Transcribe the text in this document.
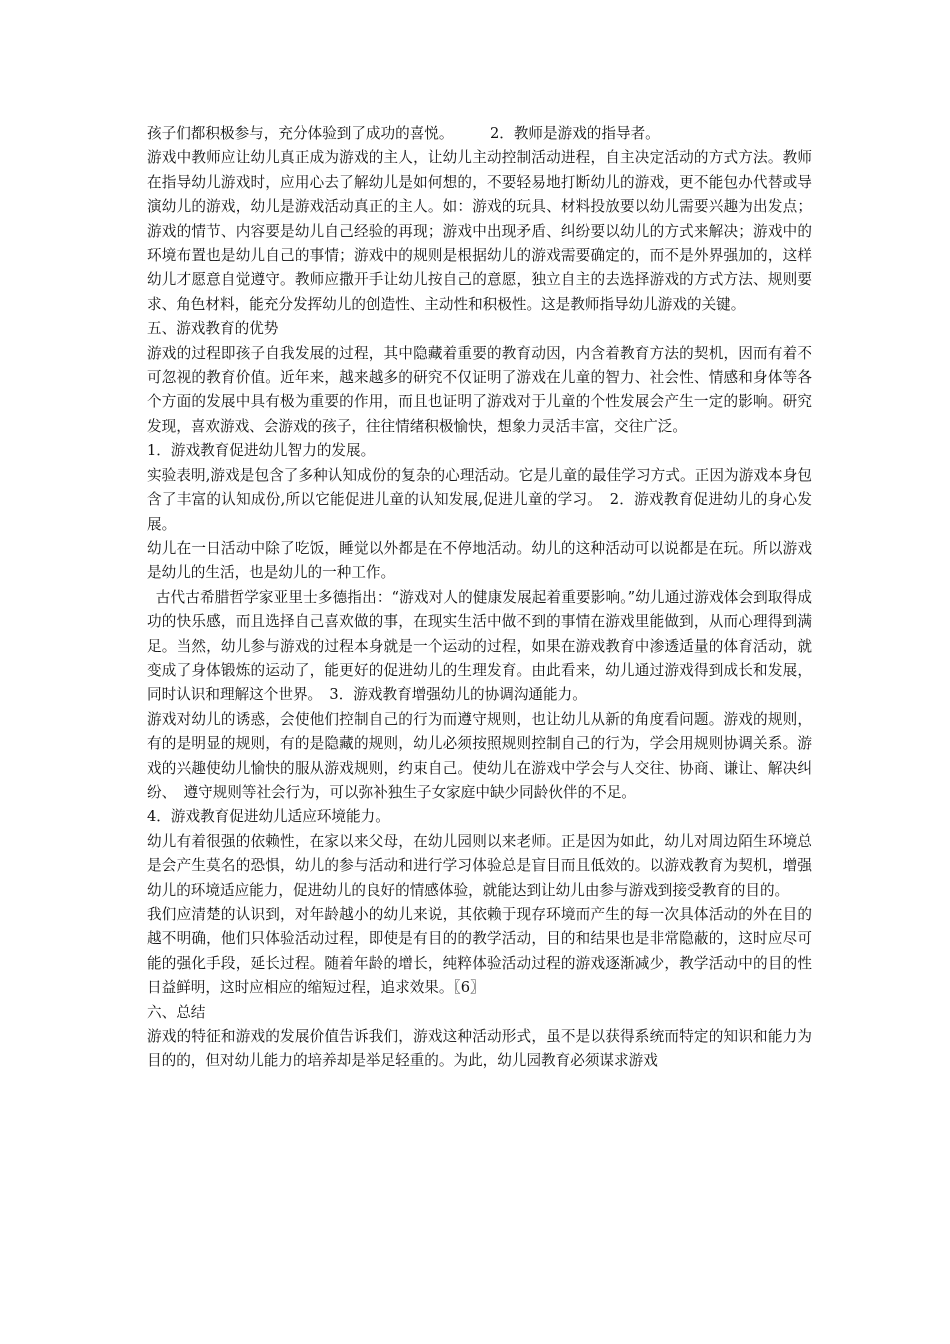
孩子们都积极参与，充分体验到了成功的喜悦。　　　2．教师是游戏的指导者。

游戏中教师应让幼儿真正成为游戏的主人，让幼儿主动控制活动进程，自主决定活动的方式方法。教师在指导幼儿游戏时，应用心去了解幼儿是如何想的，不要轻易地打断幼儿的游戏，更不能包办代替或导演幼儿的游戏，幼儿是游戏活动真正的主人。如：游戏的玩具、材料投放要以幼儿需要兴趣为出发点；游戏的情节、内容要是幼儿自己经验的再现；游戏中出现矛盾、纠纷要以幼儿的方式来解决；游戏中的环境布置也是幼儿自己的事情；游戏中的规则是根据幼儿的游戏需要确定的，而不是外界强加的，这样幼儿才愿意自觉遵守。教师应撒开手让幼儿按自己的意愿，独立自主的去选择游戏的方式方法、规则要求、角色材料，能充分发挥幼儿的创造性、主动性和积极性。这是教师指导幼儿游戏的关键。

五、游戏教育的优势

游戏的过程即孩子自我发展的过程，其中隐藏着重要的教育动因，内含着教育方法的契机，因而有着不可忽视的教育价值。近年来，越来越多的研究不仅证明了游戏在儿童的智力、社会性、情感和身体等各个方面的发展中具有极为重要的作用，而且也证明了游戏对于儿童的个性发展会产生一定的影响。研究发现，喜欢游戏、会游戏的孩子，往往情绪积极愉快，想象力灵活丰富，交往广泛。

1．游戏教育促进幼儿智力的发展。

实验表明,游戏是包含了多种认知成份的复杂的心理活动。它是儿童的最佳学习方式。正因为游戏本身包含了丰富的认知成份,所以它能促进儿童的认知发展,促进儿童的学习。　2．游戏教育促进幼儿的身心发展。

幼儿在一日活动中除了吃饭，睡觉以外都是在不停地活动。幼儿的这种活动可以说都是在玩。所以游戏是幼儿的生活，也是幼儿的一种工作。

古代古希腊哲学家亚里士多德指出：“游戏对人的健康发展起着重要影响。”幼儿通过游戏体会到取得成功的快乐感，而且选择自己喜欢做的事，在现实生活中做不到的事情在游戏里能做到，从而心理得到满足。当然，幼儿参与游戏的过程本身就是一个运动的过程，如果在游戏教育中渗透适量的体育活动，就变成了身体锻炼的运动了，能更好的促进幼儿的生理发育。由此看来，幼儿通过游戏得到成长和发展，同时认识和理解这个世界。　3．游戏教育增强幼儿的协调沟通能力。

游戏对幼儿的诱惑，会使他们控制自己的行为而遵守规则，也让幼儿从新的角度看问题。游戏的规则，有的是明显的规则，有的是隐藏的规则，幼儿必须按照规则控制自己的行为，学会用规则协调关系。游戏的兴趣使幼儿愉快的服从游戏规则，约束自己。使幼儿在游戏中学会与人交往、协商、谦让、解决纠纷、　遵守规则等社会行为，可以弥补独生子女家庭中缺少同龄伙伴的不足。

4．游戏教育促进幼儿适应环境能力。

幼儿有着很强的依赖性，在家以来父母，在幼儿园则以来老师。正是因为如此，幼儿对周边陌生环境总是会产生莫名的恐惧，幼儿的参与活动和进行学习体验总是盲目而且低效的。以游戏教育为契机，增强幼儿的环境适应能力，促进幼儿的良好的情感体验，就能达到让幼儿由参与游戏到接受教育的目的。

我们应清楚的认识到，对年龄越小的幼儿来说，其依赖于现存环境而产生的每一次具体活动的外在目的越不明确，他们只体验活动过程，即使是有目的的教学活动，目的和结果也是非常隐蔽的，这时应尽可能的强化手段，延长过程。随着年龄的增长，纯粹体验活动过程的游戏逐渐减少，教学活动中的目的性日益鲜明，这时应相应的缩短过程，追求效果。〖6〗

六、总结

游戏的特征和游戏的发展价值告诉我们，游戏这种活动形式，虽不是以获得系统而特定的知识和能力为目的的，但对幼儿能力的培养却是举足轻重的。为此，幼儿园教育必须谋求游戏
